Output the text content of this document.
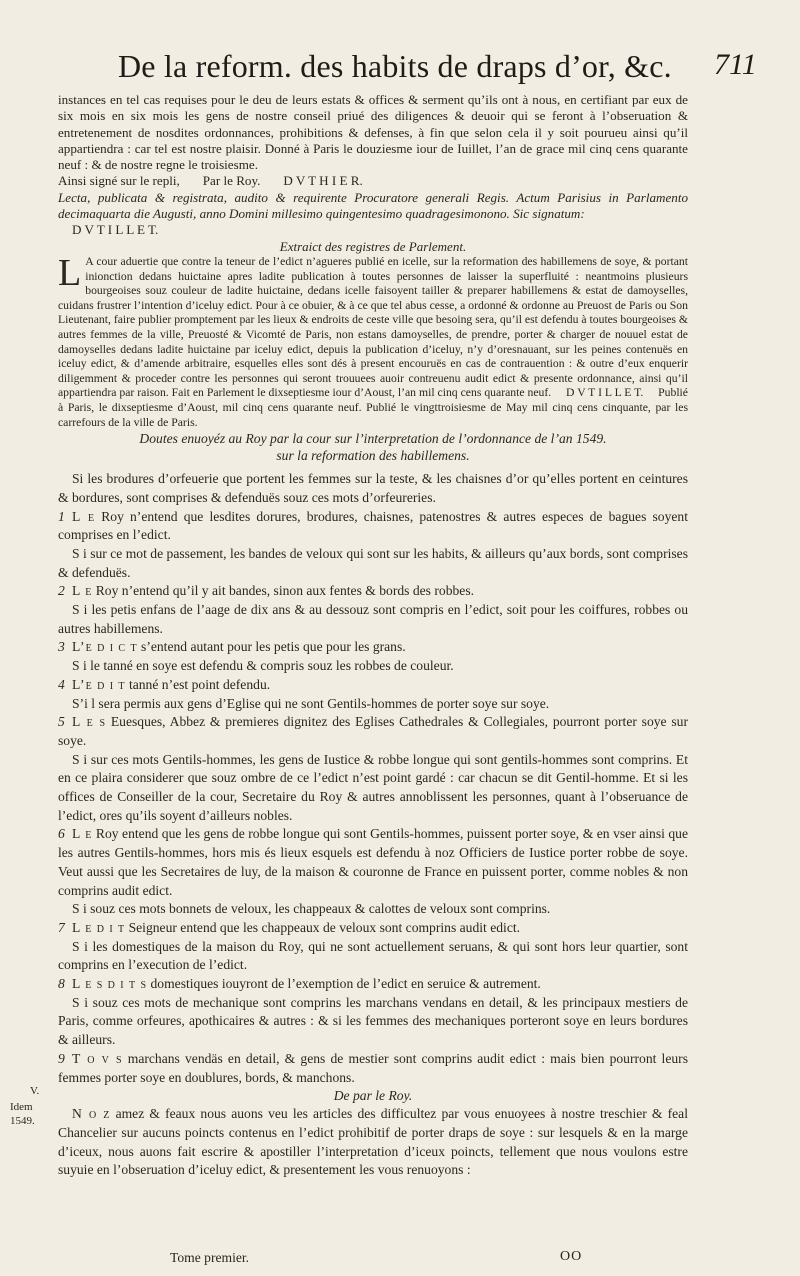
De la reform. des habits de draps d’or, &c.	711

instances en tel cas requises pour le deu de leurs estats & offices & serment qu’ils ont à nous, en certifiant par eux de six mois en six mois les gens de nostre conseil priué des diligences & deuoir qui se feront à l’obseruation & entretenement de nosdites ordonnances, prohibitions & defenses, à fin que selon cela il y soit pourueu ainsi qu’il appartiendra : car tel est nostre plaisir. Donné à Paris le douziesme iour de Iuillet, l’an de grace mil cinq cens quarante neuf : & de nostre regne le troisiesme.

Ainsi signé sur le repli, Par le Roy. D V T H I E R.

Lecta, publicata & registrata, audito & requirente Procuratore generali Regis. Actum Parisius in Parlamento decimaquarta die Augusti, anno Domini millesimo quingentesimo quadragesimonono. Sic signatum:

D V T I L L E T.

Extraict des registres de Parlement.

L A cour aduertie que contre la teneur de l’edict n’agueres publié en icelle, sur la reformation des habillemens de soye, & portant inionction dedans huictaine apres ladite publication à toutes personnes de laisser la superfluité : neantmoins plusieurs bourgeoises souz couleur de ladite huictaine, dedans icelle faisoyent tailler & preparer habillemens & estat de damoyselles, cuidans frustrer l’intention d’iceluy edict. Pour à ce obuier, & à ce que tel abus cesse, a ordonné & ordonne au Preuost de Paris ou Son Lieutenant, faire publier promptement par les lieux & endroits de ceste ville que besoing sera, qu’il est defendu à toutes bourgeoises & autres femmes de la ville, Preuosté & Vicomté de Paris, non estans damoyselles, de prendre, porter & charger de nouuel estat de damoyselles dedans ladite huictaine par iceluy edict, depuis la publication d’iceluy, n’y d’oresnauant, sur les peines contenuës en iceluy edict, & d’amende arbitraire, esquelles elles sont dés à present encouruës en cas de contrauention : & outre d’eux enquerir diligemment & proceder contre les personnes qui seront trouuees auoir contreuenu audit edict & presente ordonnance, ainsi qu’il appartiendra par raison. Fait en Parlement le dixseptiesme iour d’Aoust, l’an mil cinq cens quarante neuf. D V T I L L E T. Publié à Paris, le dixseptiesme d’Aoust, mil cinq cens quarante neuf. Publié le vingttroisiesme de May mil cinq cens cinquante, par les carrefours de la ville de Paris.

Doutes enuoyéz au Roy par la cour sur l’interpretation de l’ordonnance de l’an 1549.
sur la reformation des habillemens.

Si les brodures d’orfeuerie que portent les femmes sur la teste, & les chaisnes d’or qu’elles portent en ceintures & bordures, sont comprises & defenduës souz ces mots d’orfeureries.

1 L e Roy n’entend que lesdites dorures, brodures, chaisnes, patenostres & autres especes de bagues soyent comprises en l’edict.

S i sur ce mot de passement, les bandes de veloux qui sont sur les habits, & ailleurs qu’aux bords, sont comprises & defenduës.

2 L e Roy n’entend qu’il y ait bandes, sinon aux fentes & bords des robbes.

S i les petis enfans de l’aage de dix ans & au dessouz sont compris en l’edict, soit pour les coiffures, robbes ou autres habillemens.

3 L’e d i c t s’entend autant pour les petis que pour les grans.

S i le tanné en soye est defendu & compris souz les robbes de couleur.

4 L’e d i t tanné n’est point defendu.

S’i l sera permis aux gens d’Eglise qui ne sont Gentils-hommes de porter soye sur soye.

5 L e s Euesques, Abbez & premieres dignitez des Eglises Cathedrales & Collegiales, pourront porter soye sur soye.

S i sur ces mots Gentils-hommes, les gens de Iustice & robbe longue qui sont gentils-hommes sont comprins. Et en ce plaira considerer que souz ombre de ce l’edict n’est point gardé : car chacun se dit Gentil-homme. Et si les offices de Conseiller de la cour, Secretaire du Roy & autres annoblissent les personnes, quant à l’obseruance de l’edict, ores qu’ils soyent d’ailleurs nobles.

6 L e Roy entend que les gens de robbe longue qui sont Gentils-hommes, puissent porter soye, & en vser ainsi que les autres Gentils-hommes, hors mis és lieux esquels est defendu à noz Officiers de Iustice porter robbe de soye. Veut aussi que les Secretaires de luy, de la maison & couronne de France en puissent porter, comme nobles & non comprins audit edict.

S i souz ces mots bonnets de veloux, les chappeaux & calottes de veloux sont comprins.

7 L e d i t Seigneur entend que les chappeaux de veloux sont comprins audit edict.

S i les domestiques de la maison du Roy, qui ne sont actuellement seruans, & qui sont hors leur quartier, sont comprins en l’execution de l’edict.

8 L e s d i t s domestiques iouyront de l’exemption de l’edict en seruice & autrement.

S i souz ces mots de mechanique sont comprins les marchans vendans en detail, & les principaux mestiers de Paris, comme orfeures, apothicaires & autres : & si les femmes des mechaniques porteront soye en leurs bordures & ailleurs.

9 T o v s marchans vendäs en detail, & gens de mestier sont comprins audit edict : mais bien pourront leurs femmes porter soye en doublures, bords, & manchons.

De par le Roy.

N o z amez & feaux nous auons veu les articles des difficultez par vous enuoyees à nostre treschier & feal Chancelier sur aucuns poincts contenus en l’edict prohibitif de porter draps de soye : sur lesquels & en la marge d’iceux, nous auons fait escrire & apostiller l’interpretation d’iceux poincts, tellement que nous voulons estre suyuie en l’obseruation d’iceluy edict, & presentement les vous renuoyons :

V.
Idem 1549.
Tome premier.	OO
